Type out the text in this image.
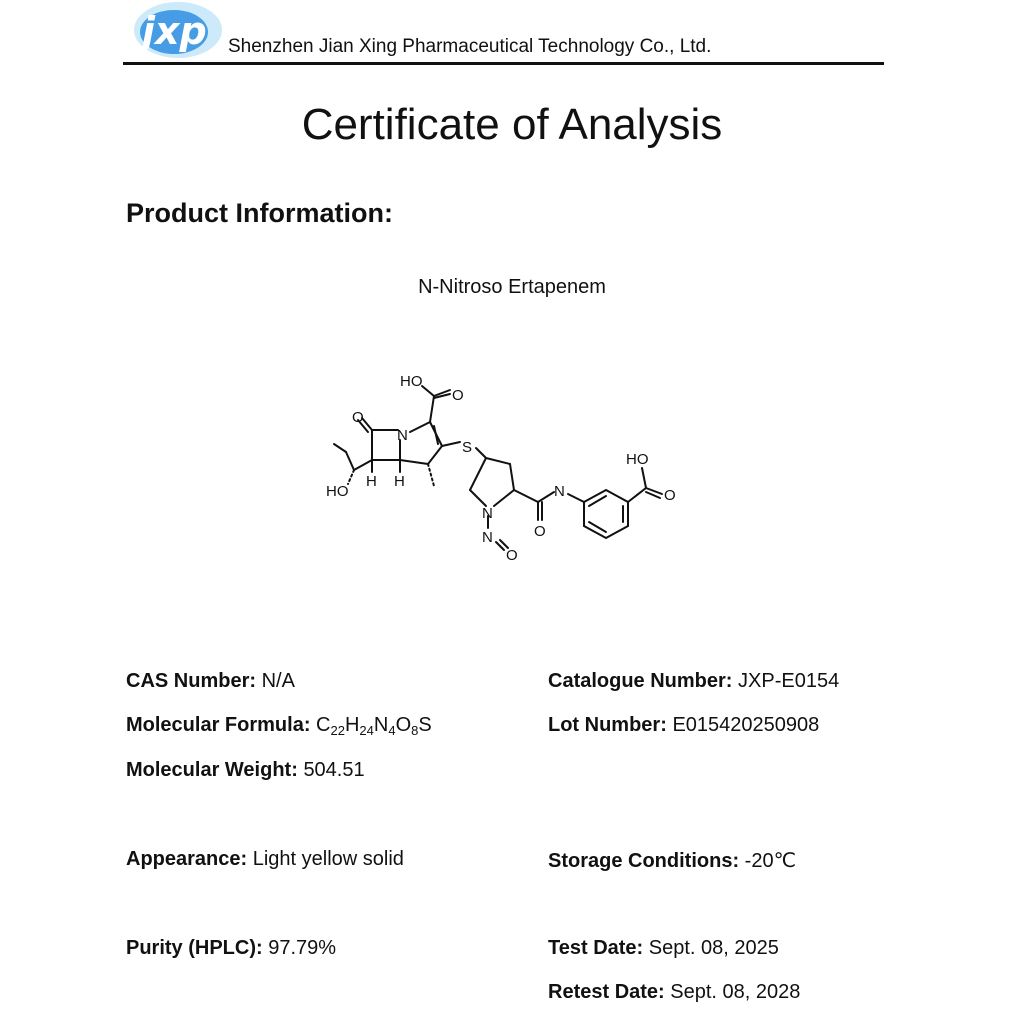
jxp Shenzhen Jian Xing Pharmaceutical Technology Co., Ltd.
Certificate of Analysis
Product Information:
N-Nitroso Ertapenem
HO
O
O
N
S
H H
HO
N
N
O
O
N
HO
O
CAS Number: N/A
Molecular Formula: $C_{22}H_{24}N_4O_8S$
Molecular Weight: 504.51
Appearance: Light yellow solid
Purity (HPLC): 97.79%
Catalogue Number: JXP-E0154
Lot Number: E015420250908
Storage Conditions: -20℃
Test Date: Sept. 08, 2025
Retest Date: Sept. 08, 2028
